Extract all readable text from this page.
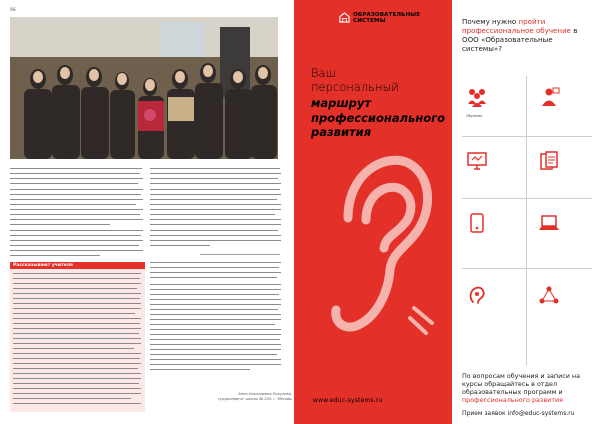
56
Рассказывают учителя
Анна Николаевна Пикулева,
сурдопедагог школы № 224, г. Москвы
ОБРАЗОВАТЕЛЬНЫЕ
СИСТЕМЫ
Ваш
персональный
маршрут
профессионального
развития
www.educ-systems.ru
Почему нужно пройти профессиональное обучение в ООО «Образовательные системы»?
Обучение
По вопросам обучения и записи на курсы обращайтесь в отдел образовательных программ и профессионального развития
Прием заявок info@educ-systems.ru
